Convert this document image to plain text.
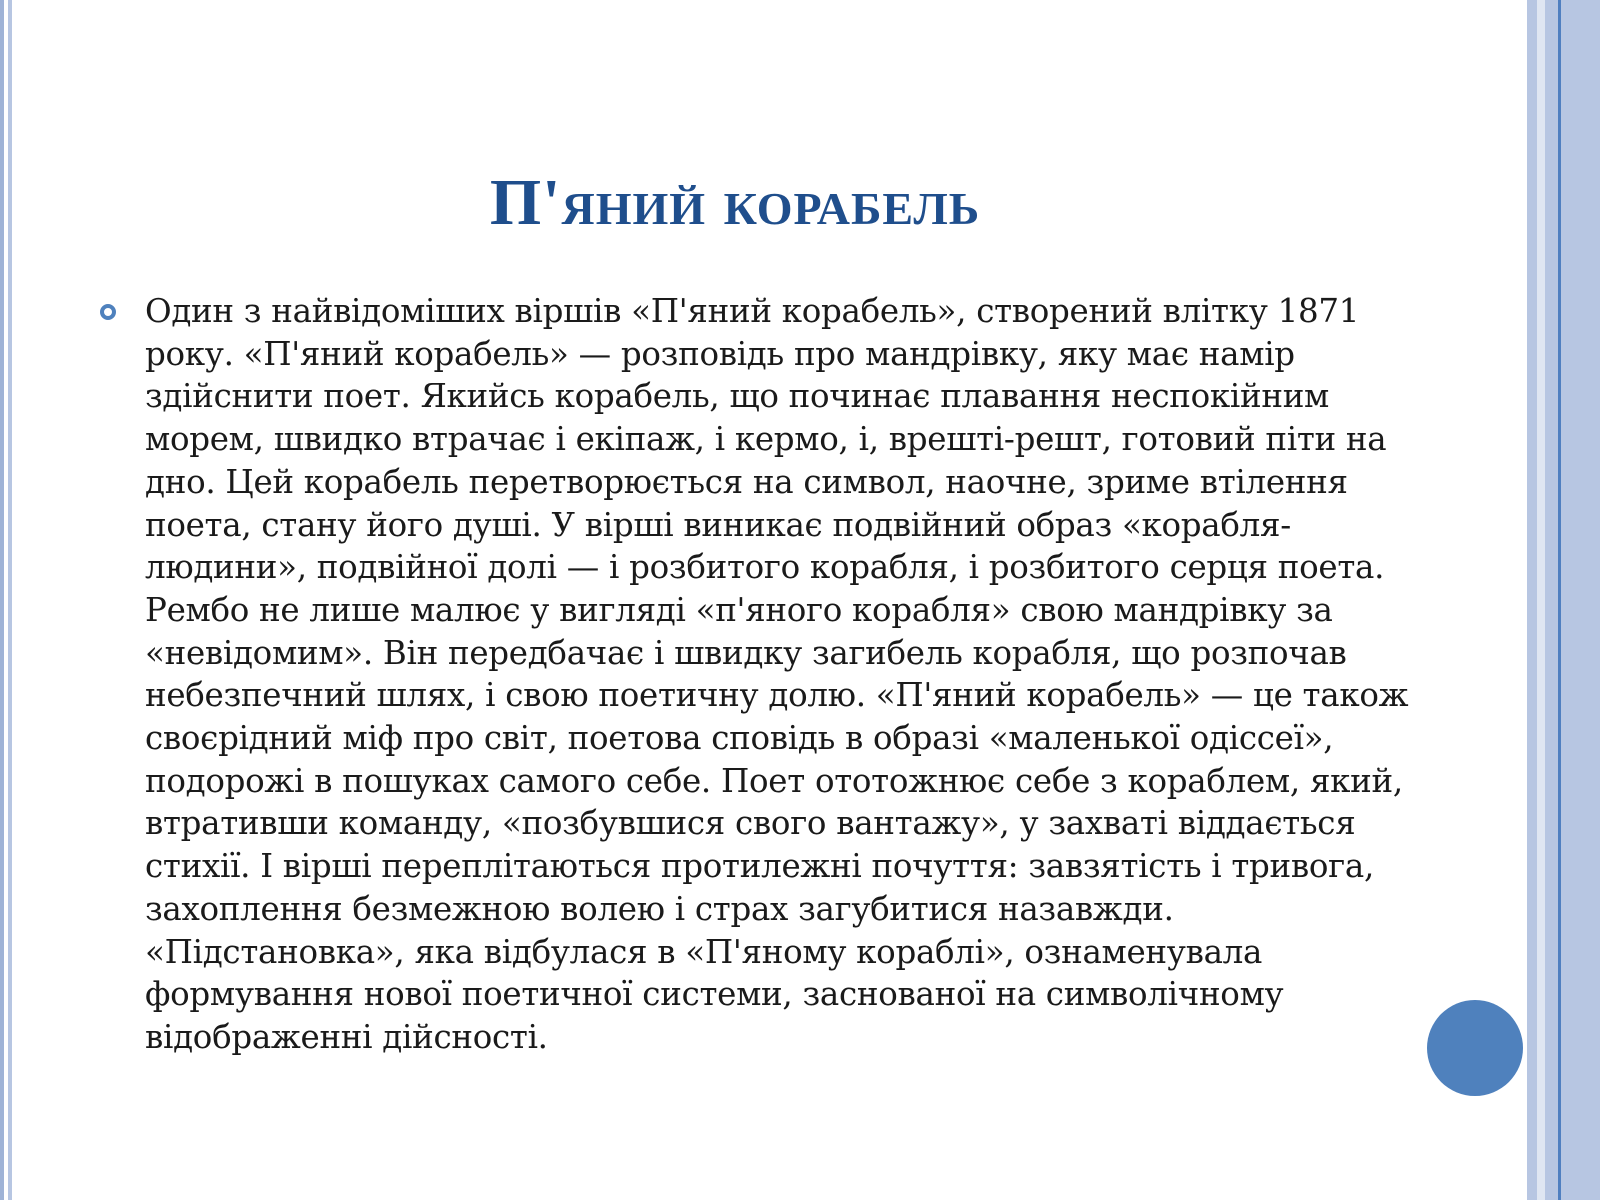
П'яний корабель

Один з найвідоміших віршів «П'яний корабель», створений влітку 1871 року. «П'яний корабель» — розповідь про мандрівку, яку має намір здійснити поет. Якийсь корабель, що починає плавання неспокійним морем, швидко втрачає і екіпаж, і кермо, і, врешті-решт, готовий піти на дно. Цей корабель перетворюється на символ, наочне, зриме втілення поета, стану його душі. У вірші виникає подвійний образ «корабля-людини», подвійної долі — і розбитого корабля, і розбитого серця поета. Рембо не лише малює у вигляді «п'яного корабля» свою мандрівку за «невідомим». Він передбачає і швидку загибель корабля, що розпочав небезпечний шлях, і свою поетичну долю. «П'яний корабель» — це також своєрідний міф про світ, поетова сповідь в образі «маленької одіссеї», подорожі в пошуках самого себе. Поет ототожнює себе з кораблем, який, втративши команду, «позбувшися свого вантажу», у захваті віддається стихії. І вірші переплітаються протилежні почуття: завзятість і тривога, захоплення безмежною волею і страх загубитися назавжди. «Підстановка», яка відбулася в «П'яному кораблі», ознаменувала формування нової поетичної системи, заснованої на символічному відображенні дійсності.
